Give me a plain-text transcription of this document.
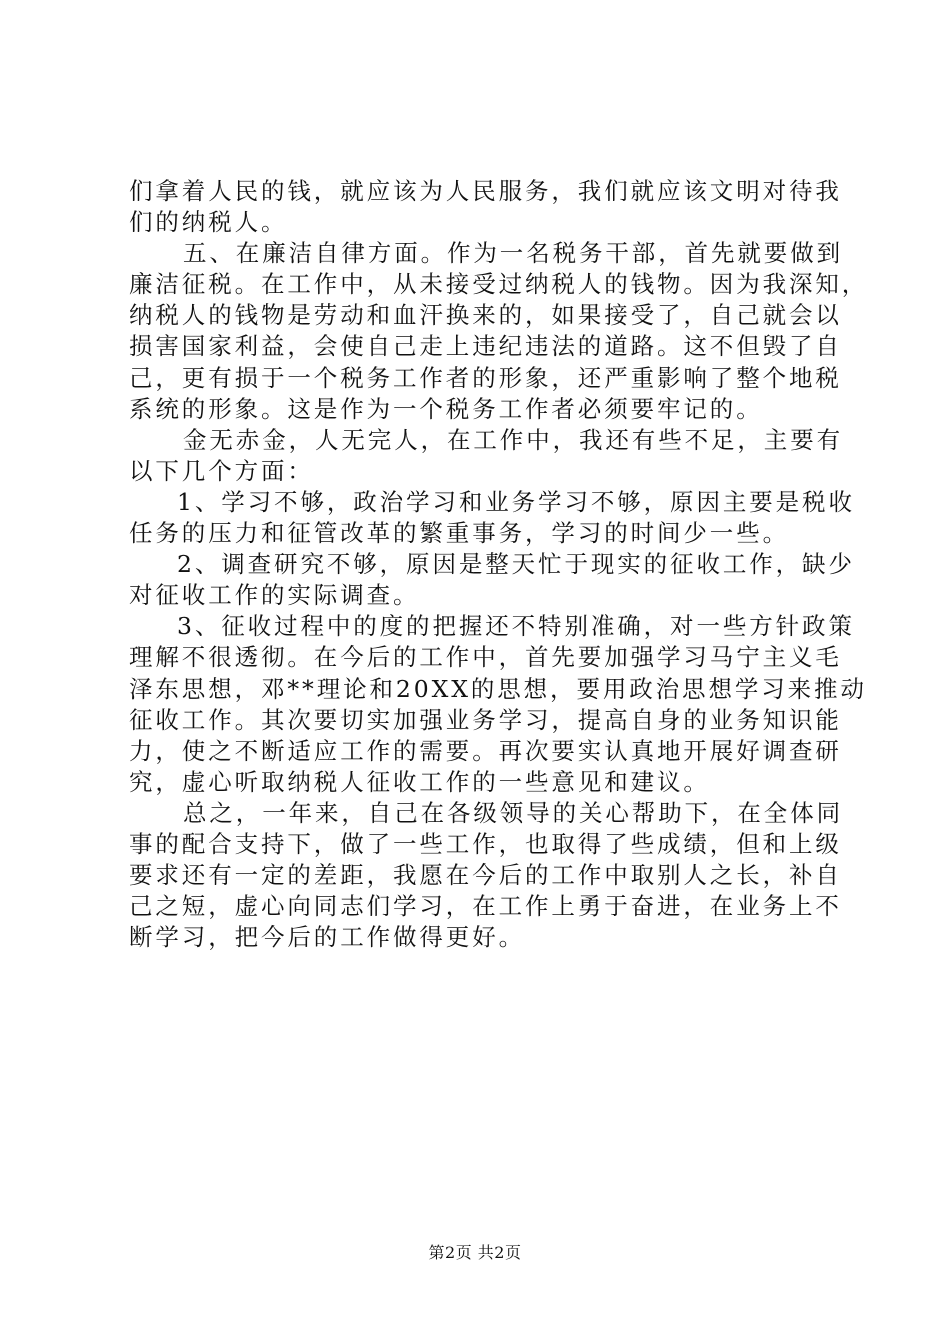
们拿着人民的钱，就应该为人民服务，我们就应该文明对待我
们的纳税人。
五、在廉洁自律方面。作为一名税务干部，首先就要做到
廉洁征税。在工作中，从未接受过纳税人的钱物。因为我深知，
纳税人的钱物是劳动和血汗换来的，如果接受了，自己就会以
损害国家利益，会使自己走上违纪违法的道路。这不但毁了自
己，更有损于一个税务工作者的形象，还严重影响了整个地税
系统的形象。这是作为一个税务工作者必须要牢记的。
金无赤金，人无完人，在工作中，我还有些不足，主要有
以下几个方面：
1、学习不够，政治学习和业务学习不够，原因主要是税收
任务的压力和征管改革的繁重事务，学习的时间少一些。
2、调查研究不够，原因是整天忙于现实的征收工作，缺少
对征收工作的实际调查。
3、征收过程中的度的把握还不特别准确，对一些方针政策
理解不很透彻。在今后的工作中，首先要加强学习马宁主义毛
泽东思想，邓**理论和20XX的思想，要用政治思想学习来推动
征收工作。其次要切实加强业务学习，提高自身的业务知识能
力，使之不断适应工作的需要。再次要实认真地开展好调查研
究，虚心听取纳税人征收工作的一些意见和建议。
总之，一年来，自己在各级领导的关心帮助下，在全体同
事的配合支持下，做了一些工作，也取得了些成绩，但和上级
要求还有一定的差距，我愿在今后的工作中取别人之长，补自
己之短，虚心向同志们学习，在工作上勇于奋进，在业务上不
断学习，把今后的工作做得更好。
第2页 共2页
